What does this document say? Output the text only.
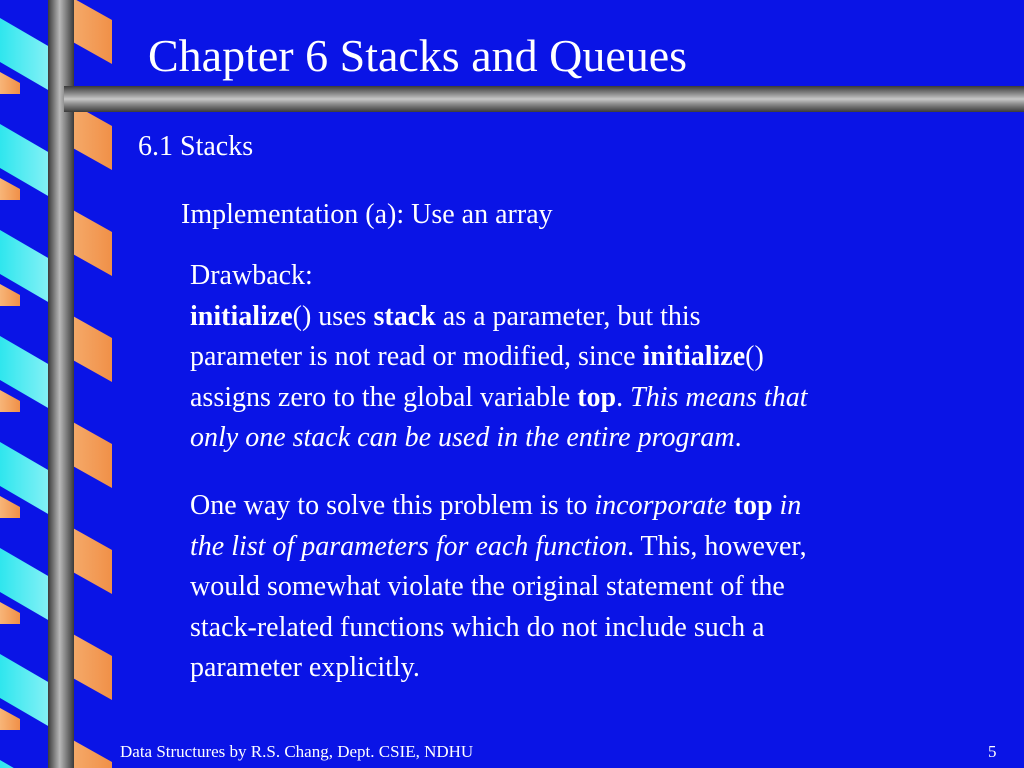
Chapter 6 Stacks and Queues
6.1 Stacks
Implementation (a): Use an array
Drawback:
initialize() uses stack as a parameter, but this
parameter is not read or modified, since initialize()
assigns zero to the global variable top. This means that
only one stack can be used in the entire program.
One way to solve this problem is to incorporate top in
the list of parameters for each function. This, however,
would somewhat violate the original statement of the
stack-related functions which do not include such a
parameter explicitly.
Data Structures by R.S. Chang, Dept. CSIE, NDHU	5
